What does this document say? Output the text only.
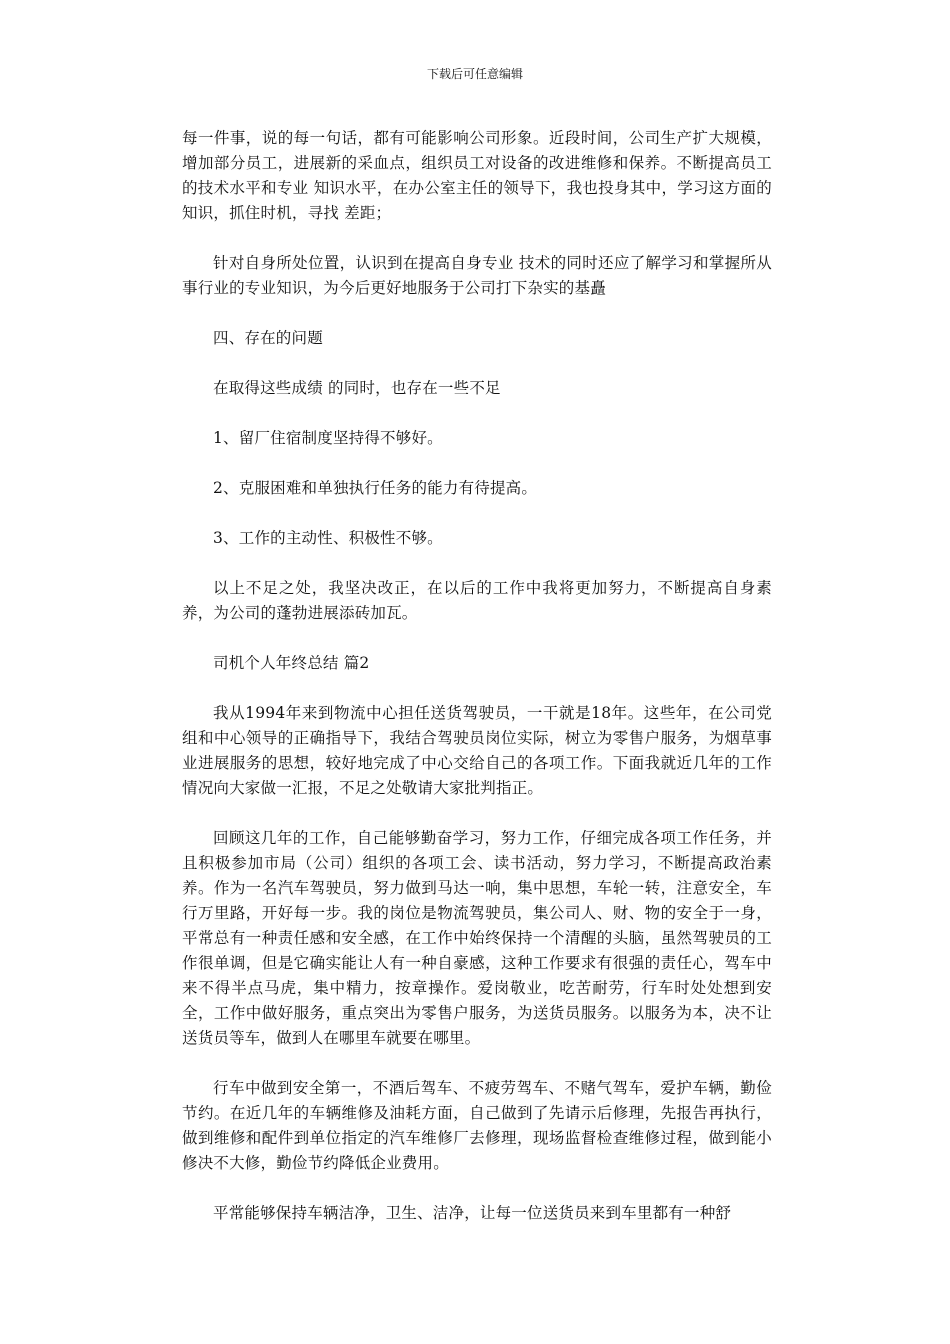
下载后可任意编辑

每一件事，说的每一句话，都有可能影响公司形象。近段时间，公司生产扩大规模，增加部分员工，进展新的采血点，组织员工对设备的改进维修和保养。不断提高员工的技术水平和专业 知识水平，在办公室主任的领导下，我也投身其中，学习这方面的知识，抓住时机，寻找 差距；

针对自身所处位置，认识到在提高自身专业 技术的同时还应了解学习和掌握所从事行业的专业知识，为今后更好地服务于公司打下杂实的基矗

四、存在的问题

在取得这些成绩 的同时，也存在一些不足

1、留厂住宿制度坚持得不够好。

2、克服困难和单独执行任务的能力有待提高。

3、工作的主动性、积极性不够。

以上不足之处，我坚决改正，在以后的工作中我将更加努力，不断提高自身素养，为公司的蓬勃进展添砖加瓦。

司机个人年终总结 篇2

我从1994年来到物流中心担任送货驾驶员，一干就是18年。这些年，在公司党组和中心领导的正确指导下，我结合驾驶员岗位实际，树立为零售户服务，为烟草事业进展服务的思想，较好地完成了中心交给自己的各项工作。下面我就近几年的工作情况向大家做一汇报，不足之处敬请大家批判指正。

回顾这几年的工作，自己能够勤奋学习，努力工作，仔细完成各项工作任务，并且积极参加市局（公司）组织的各项工会、读书活动，努力学习，不断提高政治素养。作为一名汽车驾驶员，努力做到马达一响，集中思想，车轮一转，注意安全，车行万里路，开好每一步。我的岗位是物流驾驶员，集公司人、财、物的安全于一身，平常总有一种责任感和安全感，在工作中始终保持一个清醒的头脑，虽然驾驶员的工作很单调，但是它确实能让人有一种自豪感，这种工作要求有很强的责任心，驾车中来不得半点马虎，集中精力，按章操作。爱岗敬业，吃苦耐劳，行车时处处想到安全，工作中做好服务，重点突出为零售户服务，为送货员服务。以服务为本，决不让送货员等车，做到人在哪里车就要在哪里。

行车中做到安全第一，不酒后驾车、不疲劳驾车、不赌气驾车，爱护车辆，勤俭节约。在近几年的车辆维修及油耗方面，自己做到了先请示后修理，先报告再执行，做到维修和配件到单位指定的汽车维修厂去修理，现场监督检查维修过程，做到能小修决不大修，勤俭节约降低企业费用。

平常能够保持车辆洁净，卫生、洁净，让每一位送货员来到车里都有一种舒
